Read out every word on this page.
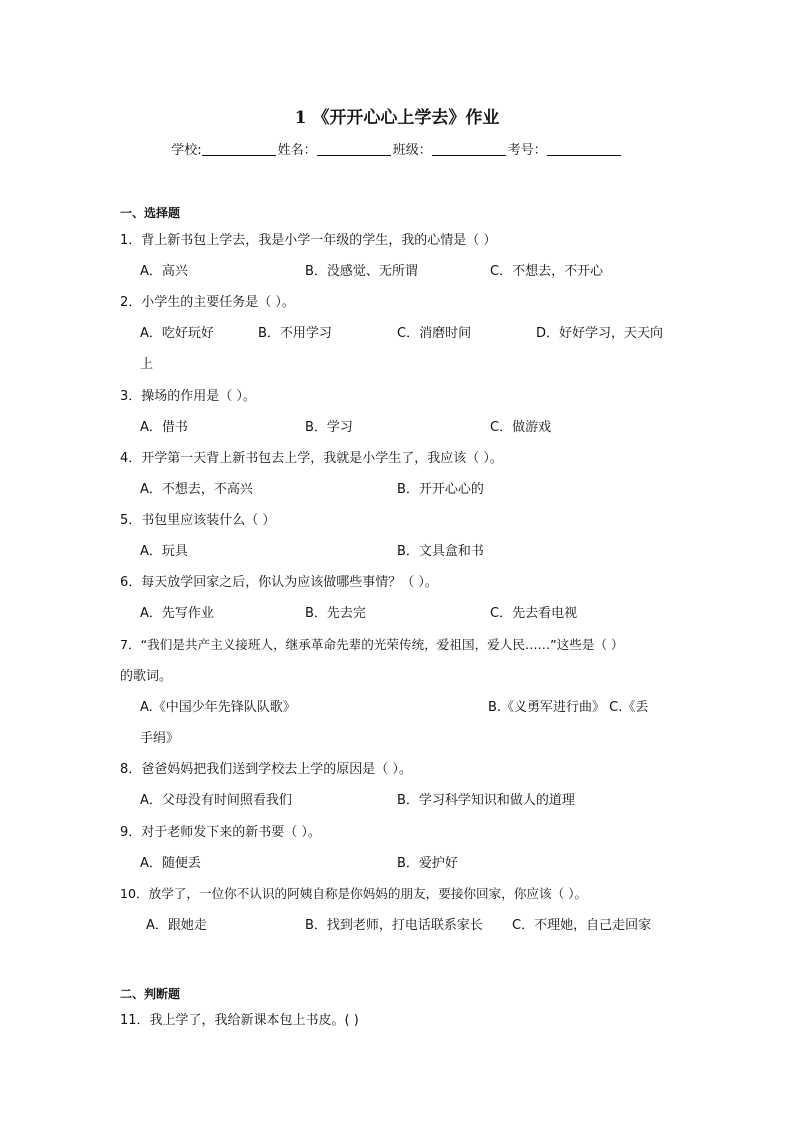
1 《开开心心上学去》作业
学校:	姓名：	班级：	考号：
一、选择题
1．背上新书包上学去，我是小学一年级的学生，我的心情是（ ）
A．高兴	B．没感觉、无所谓	C．不想去，不开心
2．小学生的主要任务是（ ）。
A．吃好玩好	B．不用学习	C．消磨时间	D．好好学习，天天向
上
3．操场的作用是（ ）。
A．借书	B．学习	C．做游戏
4．开学第一天背上新书包去上学，我就是小学生了，我应该（ ）。
A．不想去，不高兴	B．开开心心的
5．书包里应该装什么（ ）
A．玩具	B．文具盒和书
6．每天放学回家之后，你认为应该做哪些事情？（ ）。
A．先写作业	B．先去完	C．先去看电视
7．“我们是共产主义接班人，继承革命先辈的光荣传统，爱祖国，爱人民……”这些是（ ）
的歌词。
A.《中国少年先锋队队歌》	B.《义勇军进行曲》 C.《丢
手绢》
8．爸爸妈妈把我们送到学校去上学的原因是（ ）。
A．父母没有时间照看我们	B．学习科学知识和做人的道理
9．对于老师发下来的新书要（ ）。
A．随便丢	B．爱护好
10．放学了，一位你不认识的阿姨自称是你妈妈的朋友，要接你回家，你应该（ ）。
A．跟她走	B．找到老师，打电话联系家长 C．不理她，自己走回家
二、判断题
11．我上学了，我给新课本包上书皮。( )
